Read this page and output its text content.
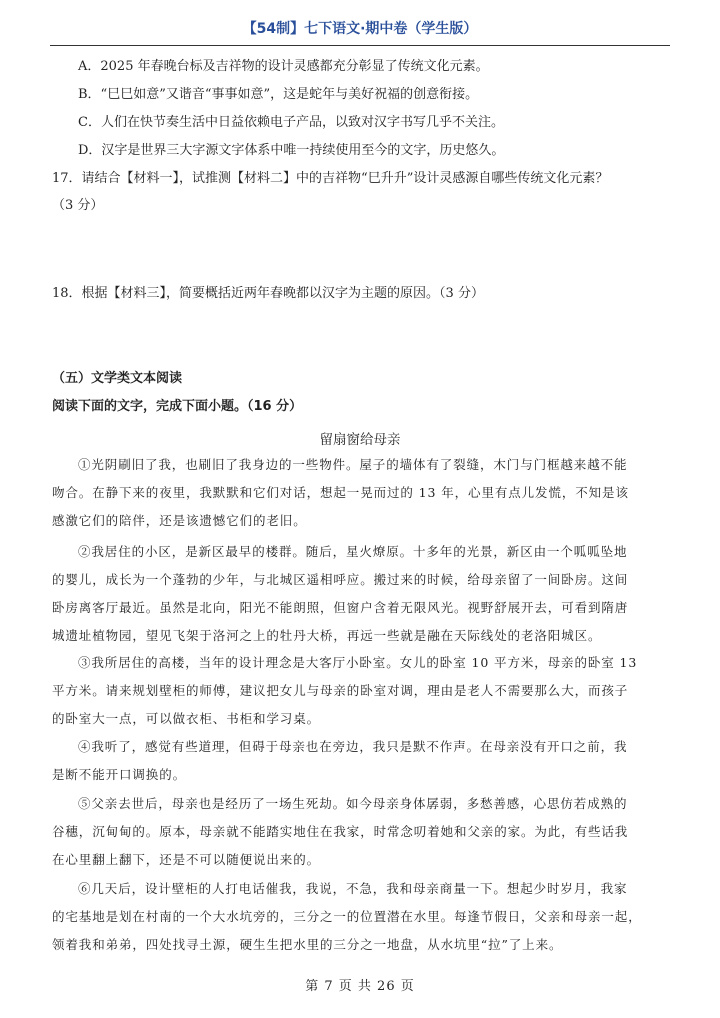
【54制】七下语文·期中卷（学生版）
A．2025 年春晚台标及吉祥物的设计灵感都充分彰显了传统文化元素。
B．“巳巳如意”又谐音“事事如意”，这是蛇年与美好祝福的创意衔接。
C．人们在快节奏生活中日益依赖电子产品，以致对汉字书写几乎不关注。
D．汉字是世界三大字源文字体系中唯一持续使用至今的文字，历史悠久。
17．请结合【材料一】，试推测【材料二】中的吉祥物“巳升升”设计灵感源自哪些传统文化元素？
（3 分）
18．根据【材料三】，简要概括近两年春晚都以汉字为主题的原因。（3 分）
（五）文学类文本阅读
阅读下面的文字，完成下面小题。（16 分）
留扇窗给母亲
①光阴刷旧了我，也刷旧了我身边的一些物件。屋子的墙体有了裂缝，木门与门框越来越不能
吻合。在静下来的夜里，我默默和它们对话，想起一晃而过的 13 年，心里有点儿发慌，不知是该
感激它们的陪伴，还是该遗憾它们的老旧。
②我居住的小区，是新区最早的楼群。随后，星火燎原。十多年的光景，新区由一个呱呱坠地
的婴儿，成长为一个蓬勃的少年，与北城区遥相呼应。搬过来的时候，给母亲留了一间卧房。这间
卧房离客厅最近。虽然是北向，阳光不能朗照，但窗户含着无限风光。视野舒展开去，可看到隋唐
城遗址植物园，望见飞架于洛河之上的牡丹大桥，再远一些就是融在天际线处的老洛阳城区。
③我所居住的高楼，当年的设计理念是大客厅小卧室。女儿的卧室 10 平方米，母亲的卧室 13
平方米。请来规划壁柜的师傅，建议把女儿与母亲的卧室对调，理由是老人不需要那么大，而孩子
的卧室大一点，可以做衣柜、书柜和学习桌。
④我听了，感觉有些道理，但碍于母亲也在旁边，我只是默不作声。在母亲没有开口之前，我
是断不能开口调换的。
⑤父亲去世后，母亲也是经历了一场生死劫。如今母亲身体孱弱，多愁善感，心思仿若成熟的
谷穗，沉甸甸的。原本，母亲就不能踏实地住在我家，时常念叨着她和父亲的家。为此，有些话我
在心里翻上翻下，还是不可以随便说出来的。
⑥几天后，设计壁柜的人打电话催我，我说，不急，我和母亲商量一下。想起少时岁月，我家
的宅基地是划在村南的一个大水坑旁的，三分之一的位置潜在水里。每逢节假日，父亲和母亲一起，
领着我和弟弟，四处找寻土源，硬生生把水里的三分之一地盘，从水坑里“拉”了上来。
第 7 页 共 26 页
